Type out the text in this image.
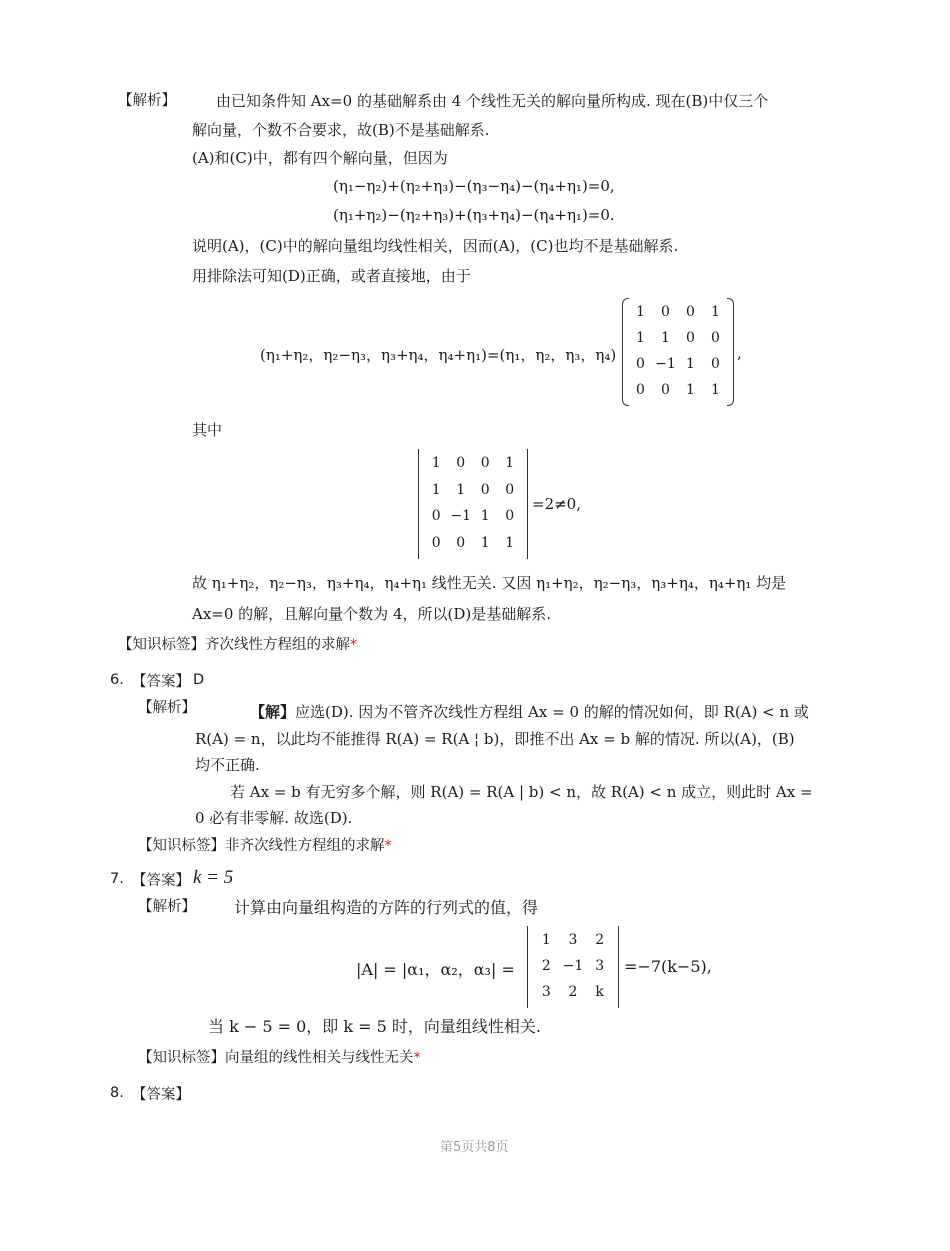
【解析】	由已知条件知 Ax=0 的基础解系由 4 个线性无关的解向量所构成. 现在(B)中仅三个
解向量，个数不合要求，故(B)不是基础解系.
(A)和(C)中，都有四个解向量，但因为
(η₁−η₂)+(η₂+η₃)−(η₃−η₄)−(η₄+η₁)=0,
(η₁+η₂)−(η₂+η₃)+(η₃+η₄)−(η₄+η₁)=0.
说明(A)，(C)中的解向量组均线性相关，因而(A)，(C)也均不是基础解系.
用排除法可知(D)正确，或者直接地，由于
(η₁+η₂，η₂−η₃，η₃+η₄，η₄+η₁)=(η₁，η₂，η₃，η₄)
1	0	0	1
1	1	0	0
0 −1 1	0
0	0	1	1
,
其中
1	0	0	1
1	1	0	0
0 −1 1	0
0	0	1	1
=2≠0,
故 η₁+η₂，η₂−η₃，η₃+η₄，η₄+η₁ 线性无关. 又因 η₁+η₂，η₂−η₃，η₃+η₄，η₄+η₁ 均是
Ax=0 的解，且解向量个数为 4，所以(D)是基础解系.
【知识标签】齐次线性方程组的求解*
6. 【答案】 D
【解析】	【解】应选(D). 因为不管齐次线性方程组 Ax = 0 的解的情况如何，即 R(A) < n 或
R(A) = n，以此均不能推得 R(A) = R(A ¦ b)，即推不出 Ax = b 解的情况. 所以(A)，(B)
均不正确.
若 Ax = b 有无穷多个解，则 R(A) = R(A | b) < n，故 R(A) < n 成立，则此时 Ax =
0 必有非零解. 故选(D).
【知识标签】非齐次线性方程组的求解*
7. 【答案】 k = 5
【解析】 计算由向量组构造的方阵的行列式的值，得
|A| = |α₁，α₂，α₃| =
1	3	2
2 −1 3
3	2	k
=−7(k−5),
当 k − 5 = 0，即 k = 5 时，向量组线性相关.
【知识标签】向量组的线性相关与线性无关*
8. 【答案】
第5页共8页
